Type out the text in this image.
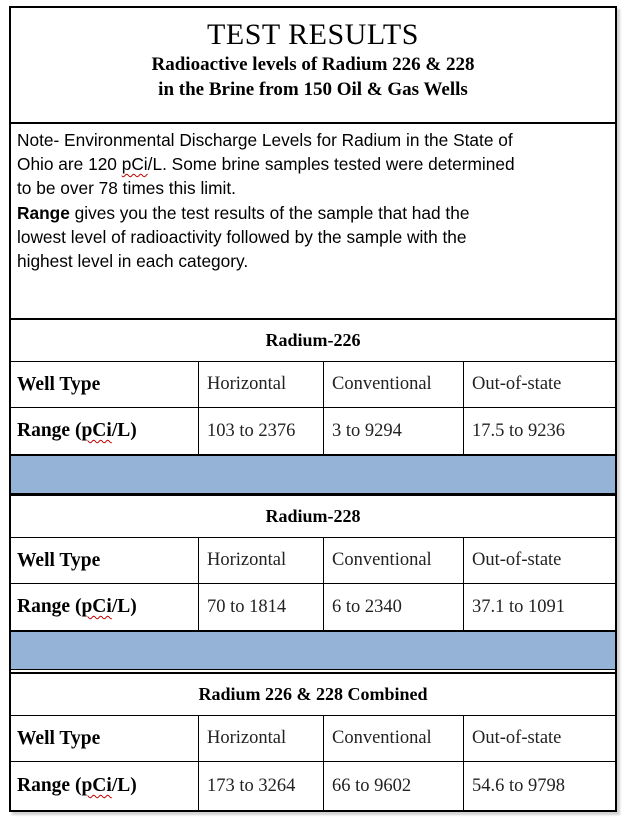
TEST RESULTS
Radioactive levels of Radium 226 & 228
in the Brine from 150 Oil & Gas Wells
Note- Environmental Discharge Levels for Radium in the State of
Ohio are 120 pCi/L. Some brine samples tested were determined
to be over 78 times this limit.
Range gives you the test results of the sample that had the
lowest level of radioactivity followed by the sample with the
highest level in each category.
Radium-226
Well Type	Horizontal	Conventional	Out-of-state
Range ( pCi /L)	103 to 2376	3 to 9294	17.5 to 9236
Radium-228
Well Type	Horizontal	Conventional	Out-of-state
Range ( pCi /L)	70 to 1814	6 to 2340	37.1 to 1091
Radium 226 & 228 Combined
Well Type	Horizontal	Conventional	Out-of-state
Range ( pCi /L)	173 to 3264	66 to 9602	54.6 to 9798
